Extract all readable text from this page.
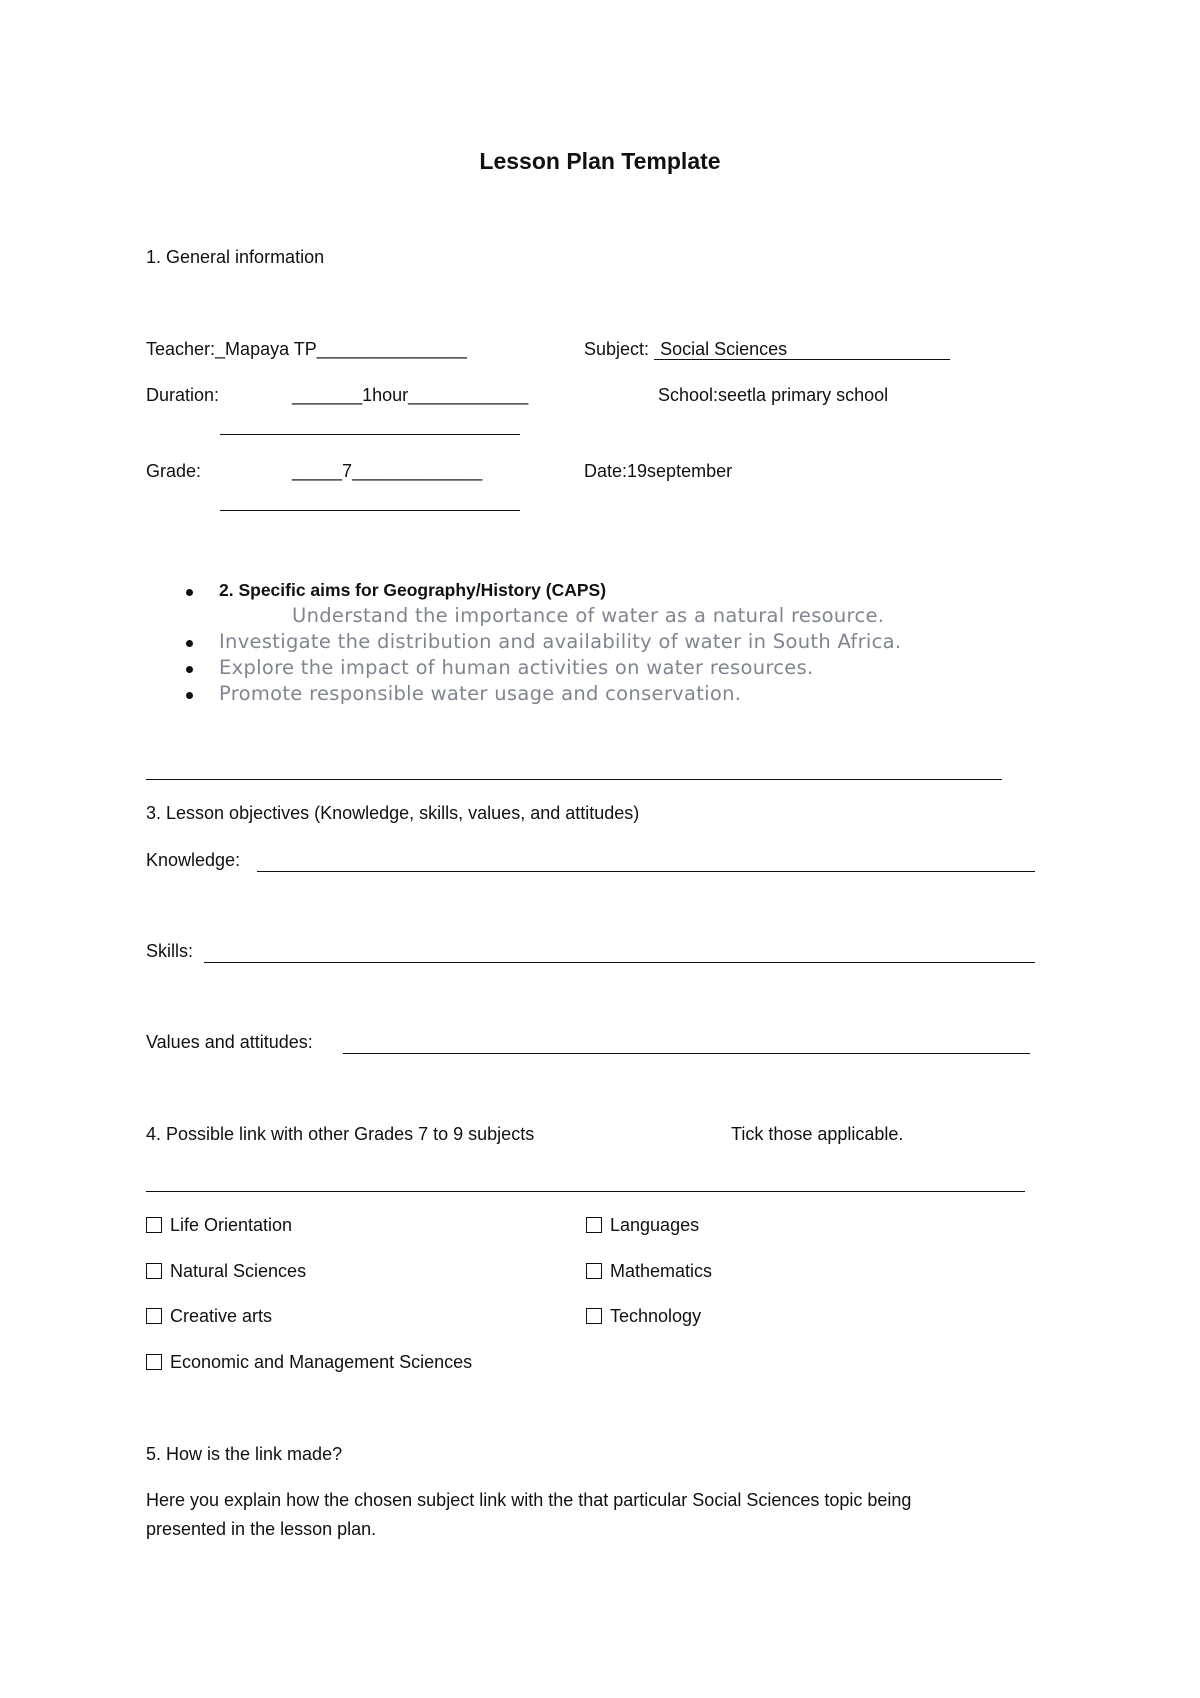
Lesson Plan Template
1. General information
Teacher:_Mapaya TP_______________	Subject: Social Sciences
Duration:	_______1hour____________	School:seetla primary school
Grade:	_____7_____________	Date:19september
2. Specific aims for Geography/History (CAPS)
Understand the importance of water as a natural resource.
Investigate the distribution and availability of water in South Africa.
Explore the impact of human activities on water resources.
Promote responsible water usage and conservation.
3. Lesson objectives (Knowledge, skills, values, and attitudes)
Knowledge:
Skills:
Values and attitudes:
4. Possible link with other Grades 7 to 9 subjects	Tick those applicable.
Life Orientation	Languages
Natural Sciences	Mathematics
Creative arts	Technology
Economic and Management Sciences
5. How is the link made?
Here you explain how the chosen subject link with the that particular Social Sciences topic being
presented in the lesson plan.
